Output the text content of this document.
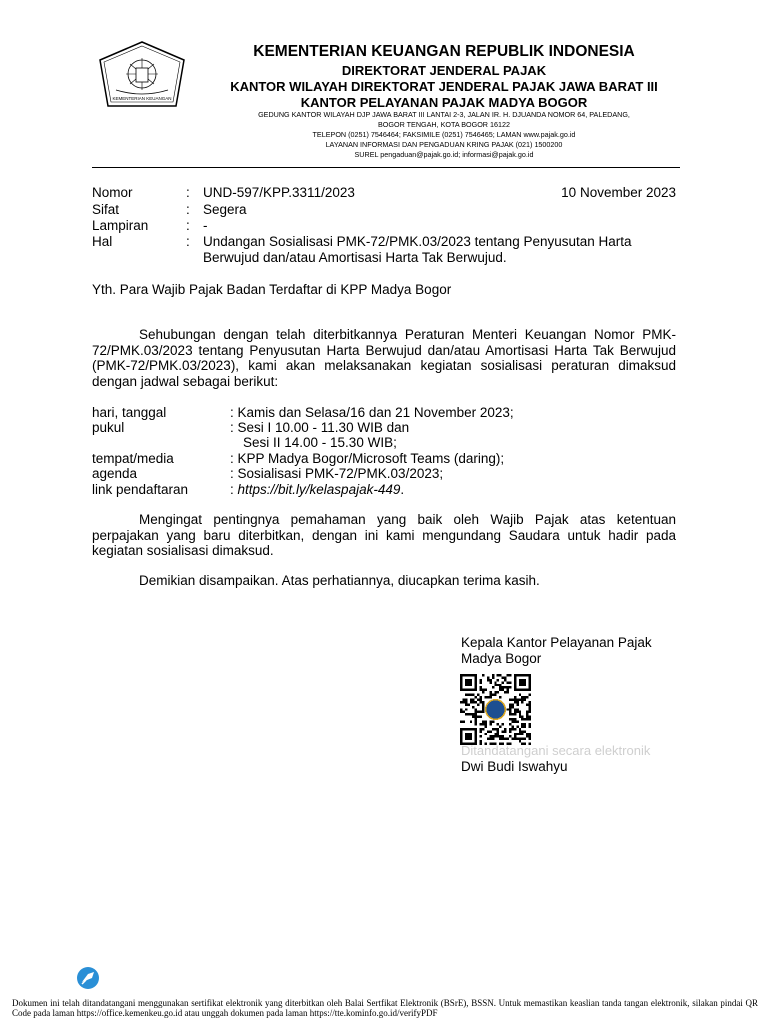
KEMENTERIAN KEUANGAN
KEMENTERIAN KEUANGAN REPUBLIK INDONESIA
DIREKTORAT JENDERAL PAJAK
KANTOR WILAYAH DIREKTORAT JENDERAL PAJAK JAWA BARAT III
KANTOR PELAYANAN PAJAK MADYA BOGOR
GEDUNG KANTOR WILAYAH DJP JAWA BARAT III LANTAI 2-3, JALAN IR. H. DJUANDA NOMOR 64, PALEDANG,
BOGOR TENGAH, KOTA BOGOR 16122
TELEPON (0251) 7546464; FAKSIMILE (0251) 7546465; LAMAN www.pajak.go.id
LAYANAN INFORMASI DAN PENGADUAN KRING PAJAK (021) 1500200
SUREL pengaduan@pajak.go.id; informasi@pajak.go.id
Nomor	: UND-597/KPP.3311/2023	10 November 2023
Sifat	: Segera
Lampiran	: -
Hal	: Undangan Sosialisasi PMK-72/PMK.03/2023 tentang Penyusutan Harta
Berwujud dan/atau Amortisasi Harta Tak Berwujud.
Yth. Para Wajib Pajak Badan Terdaftar di KPP Madya Bogor
Sehubungan dengan telah diterbitkannya Peraturan Menteri Keuangan Nomor PMK-72/PMK.03/2023 tentang Penyusutan Harta Berwujud dan/atau Amortisasi Harta Tak Berwujud (PMK-72/PMK.03/2023), kami akan melaksanakan kegiatan sosialisasi peraturan dimaksud dengan jadwal sebagai berikut:
hari, tanggal	: Kamis dan Selasa/16 dan 21 November 2023;
pukul	: Sesi I 10.00 - 11.30 WIB dan
Sesi II 14.00 - 15.30 WIB;
tempat/media	: KPP Madya Bogor/Microsoft Teams (daring);
agenda	: Sosialisasi PMK-72/PMK.03/2023;
link pendaftaran	: https://bit.ly/kelaspajak-449.
Mengingat pentingnya pemahaman yang baik oleh Wajib Pajak atas ketentuan perpajakan yang baru diterbitkan, dengan ini kami mengundang Saudara untuk hadir pada kegiatan sosialisasi dimaksud.
Demikian disampaikan. Atas perhatiannya, diucapkan terima kasih.
Kepala Kantor Pelayanan Pajak
Madya Bogor
Ditandatangani secara elektronik
Dwi Budi Iswahyu
Dokumen ini telah ditandatangani menggunakan sertifikat elektronik yang diterbitkan oleh Balai Sertfikat Elektronik (BSrE), BSSN. Untuk memastikan keaslian tanda tangan elektronik, silakan pindai QR Code pada laman https://office.kemenkeu.go.id atau unggah dokumen pada laman https://tte.kominfo.go.id/verifyPDF
